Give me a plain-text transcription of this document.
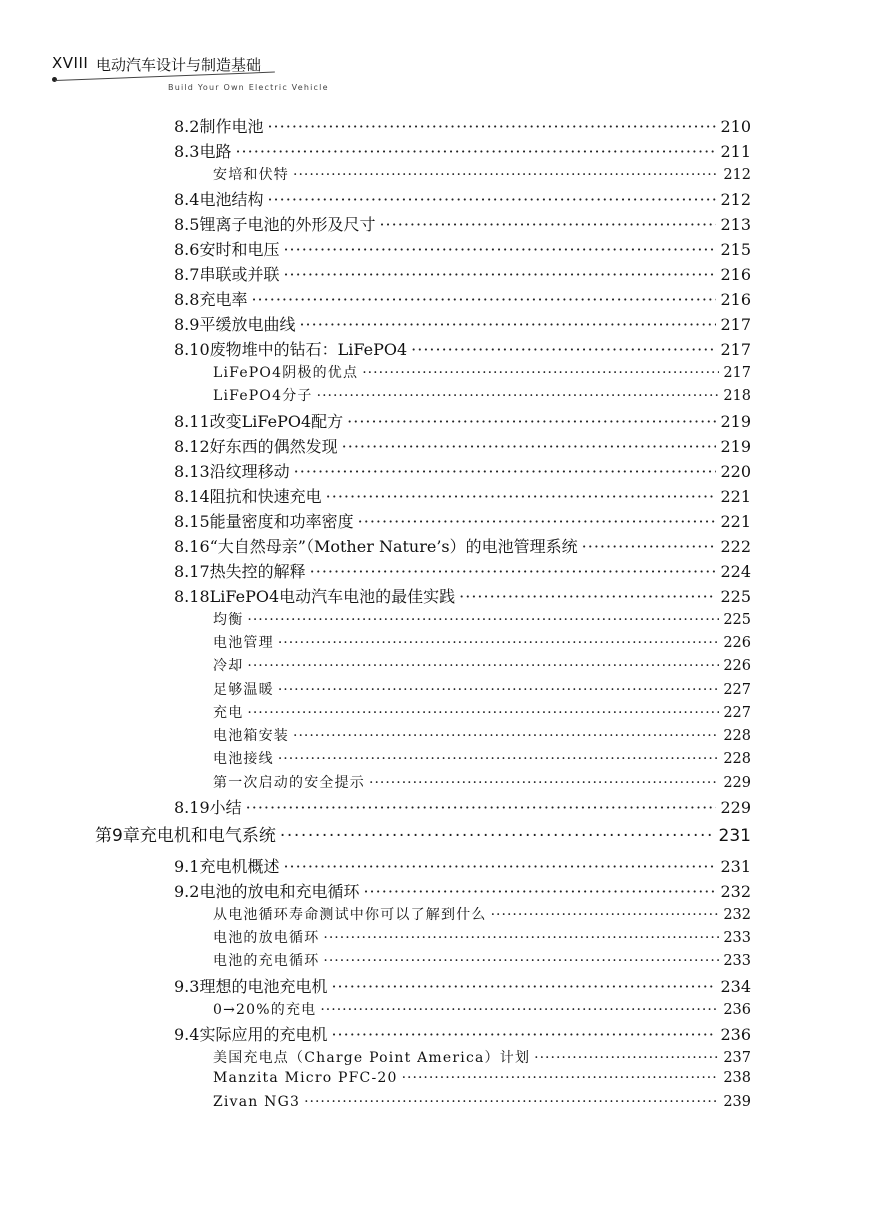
XVIII 电动汽车设计与制造基础
Build Your Own Electric Vehicle
8.2 制作电池 ·····	210
8.3 电路 ·····	211
安培和伏特 ·····	212
8.4 电池结构 ·····	212
8.5 锂离子电池的外形及尺寸 ·····	213
8.6 安时和电压 ·····	215
8.7 串联或并联 ·····	216
8.8 充电率 ·····	216
8.9 平缓放电曲线 ·····	217
8.10 废物堆中的钻石：LiFePO4 ·····	217
LiFePO4阴极的优点 ·····	217
LiFePO4分子 ·····	218
8.11 改变LiFePO4配方 ·····	219
8.12 好东西的偶然发现 ·····	219
8.13 沿纹理移动 ·····	220
8.14 阻抗和快速充电 ·····	221
8.15 能量密度和功率密度 ·····	221
8.16 “大自然母亲”（Mother Nature’s）的电池管理系统 ·····	222
8.17 热失控的解释 ·····	224
8.18 LiFePO4电动汽车电池的最佳实践 ·····	225
均衡 ·····	225
电池管理 ·····	226
冷却 ·····	226
足够温暖 ·····	227
充电 ·····	227
电池箱安装 ·····	228
电池接线 ·····	228
第一次启动的安全提示 ·····	229
8.19 小结 ·····	229
第9章 充电机和电气系统 ·····	231
9.1 充电机概述 ·····	231
9.2 电池的放电和充电循环 ·····	232
从电池循环寿命测试中你可以了解到什么 ·····	232
电池的放电循环 ·····	233
电池的充电循环 ·····	233
9.3 理想的电池充电机 ·····	234
0→20%的充电 ·····	236
9.4 实际应用的充电机 ·····	236
美国充电点（Charge Point America）计划 ·····	237
Manzita Micro PFC-20 ·····	238
Zivan NG3 ·····	239
